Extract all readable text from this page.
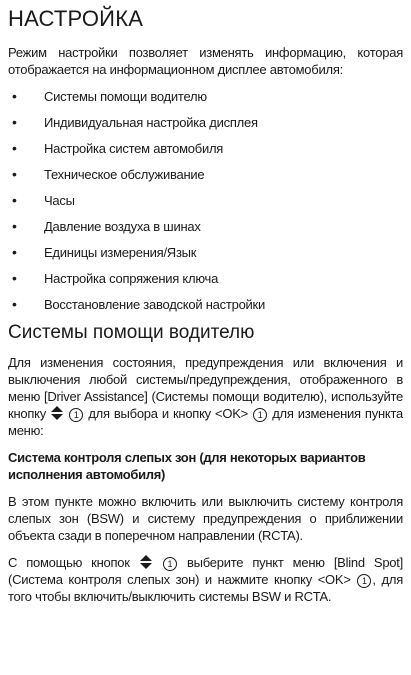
НАСТРОЙКА

Режим настройки позволяет изменять информацию, которая отображается на информационном дисплее автомобиля:

• Системы помощи водителю
• Индивидуальная настройка дисплея
• Настройка систем автомобиля
• Техническое обслуживание
• Часы
• Давление воздуха в шинах
• Единицы измерения/Язык
• Настройка сопряжения ключа
• Восстановление заводской настройки
Системы помощи водителю

Для изменения состояния, предупреждения или включения и выключения любой системы/предупреждения, отображенного в меню [Driver Assistance] (Системы помощи водителю), используйте кнопку	1 для выбора и кнопку <OK> 1 для изменения пункта меню:

Система контроля слепых зон (для некоторых вариантов исполнения автомобиля)

В этом пункте можно включить или выключить систему контроля слепых зон (BSW) и систему предупреждения о приближении объекта сзади в поперечном направлении (RCTA).

С помощью кнопок	1 выберите пункт меню [Blind Spot] (Система контроля слепых зон) и нажмите кнопку <OK> 1 , для того чтобы включить/выключить системы BSW и RCTA.
